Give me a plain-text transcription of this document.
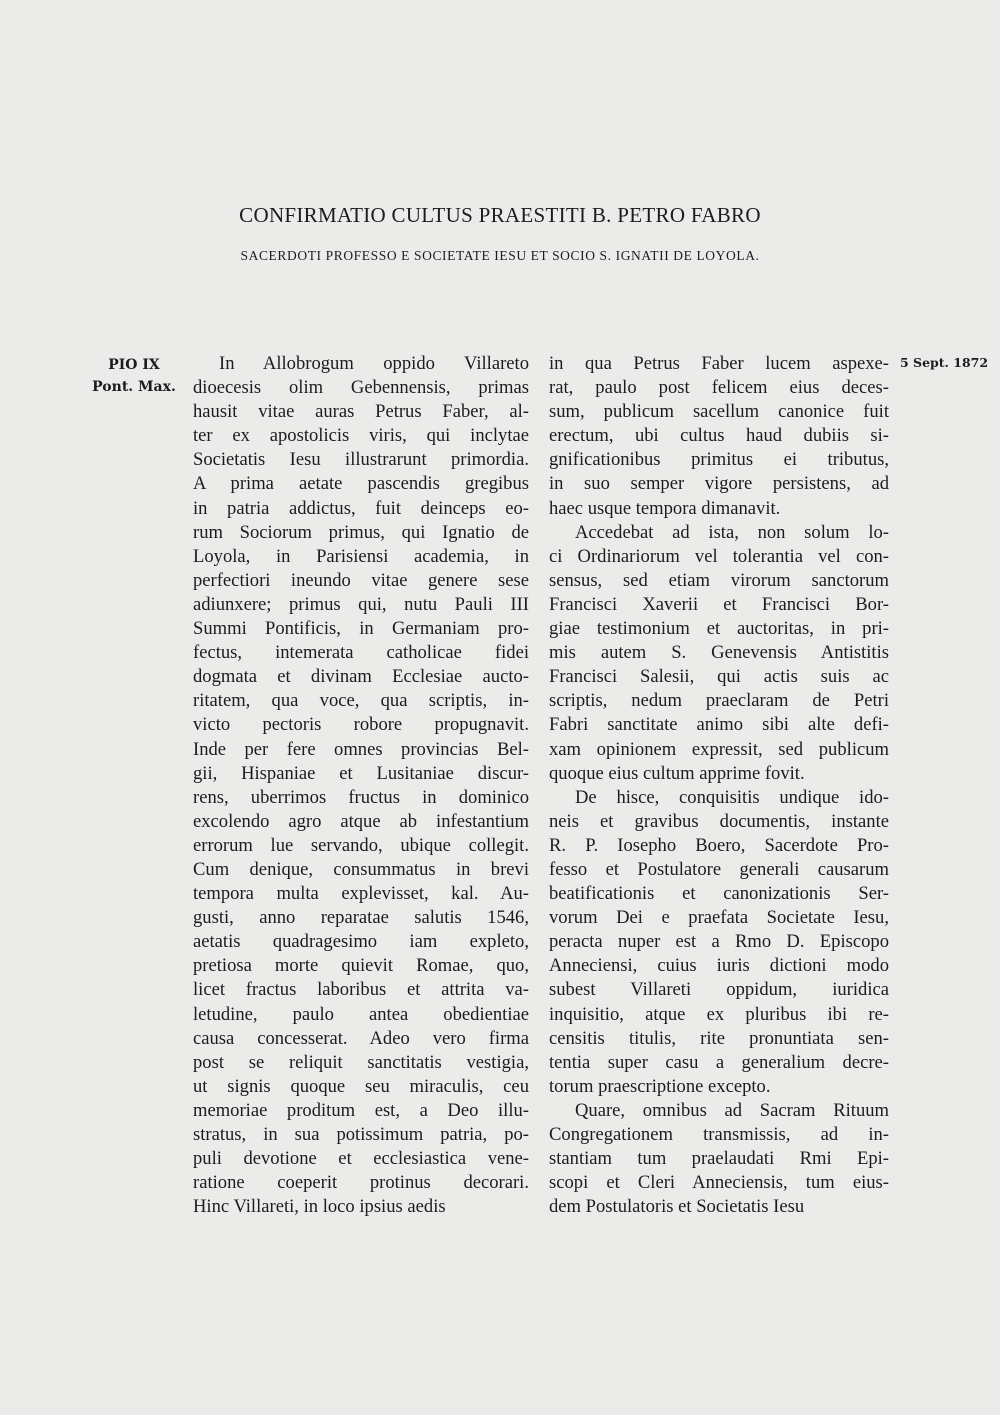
CONFIRMATIO CULTUS PRAESTITI B. PETRO FABRO
SACERDOTI PROFESSO E SOCIETATE IESU ET SOCIO S. IGNATII DE LOYOLA.
PIO IX
Pont. Max.
5 Sept. 1872
In Allobrogum oppido Villareto
dioecesis olim Gebennensis, primas
hausit vitae auras Petrus Faber, al-
ter ex apostolicis viris, qui inclytae
Societatis Iesu illustrarunt primordia.
A prima aetate pascendis gregibus
in patria addictus, fuit deinceps eo-
rum Sociorum primus, qui Ignatio de
Loyola, in Parisiensi academia, in
perfectiori ineundo vitae genere sese
adiunxere; primus qui, nutu Pauli III
Summi Pontificis, in Germaniam pro-
fectus, intemerata catholicae fidei
dogmata et divinam Ecclesiae aucto-
ritatem, qua voce, qua scriptis, in-
victo pectoris robore propugnavit.
Inde per fere omnes provincias Bel-
gii, Hispaniae et Lusitaniae discur-
rens, uberrimos fructus in dominico
excolendo agro atque ab infestantium
errorum lue servando, ubique collegit.
Cum denique, consummatus in brevi
tempora multa explevisset, kal. Au-
gusti, anno reparatae salutis 1546,
aetatis quadragesimo iam expleto,
pretiosa morte quievit Romae, quo,
licet fractus laboribus et attrita va-
letudine, paulo antea obedientiae
causa concesserat. Adeo vero firma
post se reliquit sanctitatis vestigia,
ut signis quoque seu miraculis, ceu
memoriae proditum est, a Deo illu-
stratus, in sua potissimum patria, po-
puli devotione et ecclesiastica vene-
ratione coeperit protinus decorari.
Hinc Villareti, in loco ipsius aedis
in qua Petrus Faber lucem aspexe-
rat, paulo post felicem eius deces-
sum, publicum sacellum canonice fuit
erectum, ubi cultus haud dubiis si-
gnificationibus primitus ei tributus,
in suo semper vigore persistens, ad
haec usque tempora dimanavit.
Accedebat ad ista, non solum lo-
ci Ordinariorum vel tolerantia vel con-
sensus, sed etiam virorum sanctorum
Francisci Xaverii et Francisci Bor-
giae testimonium et auctoritas, in pri-
mis autem S. Genevensis Antistitis
Francisci Salesii, qui actis suis ac
scriptis, nedum praeclaram de Petri
Fabri sanctitate animo sibi alte defi-
xam opinionem expressit, sed publicum
quoque eius cultum apprime fovit.
De hisce, conquisitis undique ido-
neis et gravibus documentis, instante
R. P. Iosepho Boero, Sacerdote Pro-
fesso et Postulatore generali causarum
beatificationis et canonizationis Ser-
vorum Dei e praefata Societate Iesu,
peracta nuper est a Rmo D. Episcopo
Anneciensi, cuius iuris dictioni modo
subest Villareti oppidum, iuridica
inquisitio, atque ex pluribus ibi re-
censitis titulis, rite pronuntiata sen-
tentia super casu a generalium decre-
torum praescriptione excepto.
Quare, omnibus ad Sacram Rituum
Congregationem transmissis, ad in-
stantiam tum praelaudati Rmi Epi-
scopi et Cleri Anneciensis, tum eius-
dem Postulatoris et Societatis Iesu
